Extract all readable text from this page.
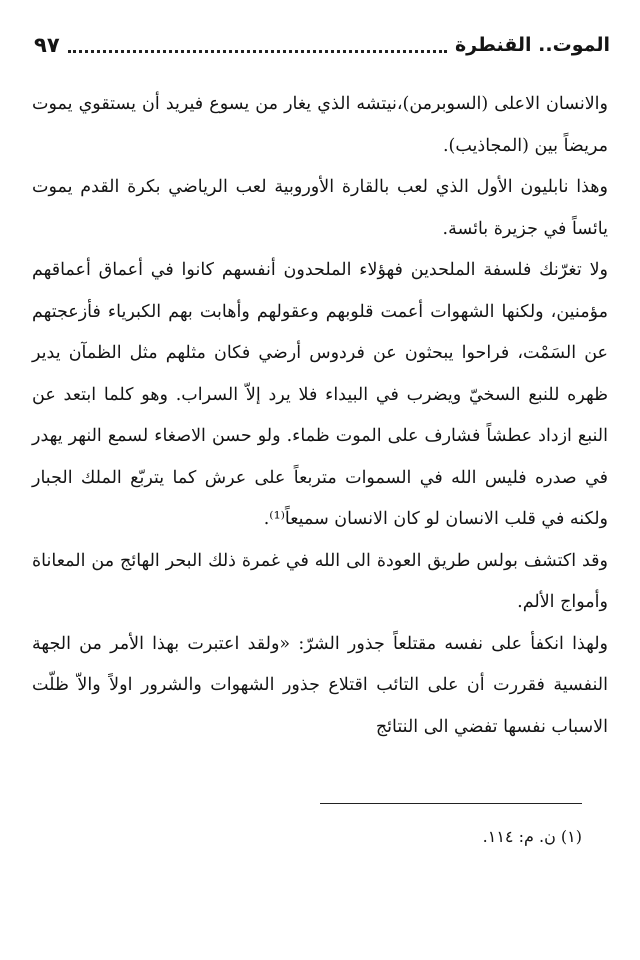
الموت.. القنطرة
٩٧

والانسان الاعلى (السوبرمن)،نيتشه الذي يغار من يسوع فيريد أن يستقوي يموت مريضاً بين (المجاذيب).

وهذا نابليون الأول الذي لعب بالقارة الأوروبية لعب الرياضي بكرة القدم يموت يائساً في جزيرة بائسة.

ولا تغرّنك فلسفة الملحدين فهؤلاء الملحدون أنفسهم كانوا في أعماق أعماقهم مؤمنين، ولكنها الشهوات أعمت قلوبهم وعقولهم وأهابت بهم الكبرياء فأزعجتهم عن السَمْت، فراحوا يبحثون عن فردوس أرضي فكان مثلهم مثل الظمآن يدير ظهره للنبع السخيّ ويضرب في البيداء فلا يرد إلاّ السراب. وهو كلما ابتعد عن النبع ازداد عطشاً فشارف على الموت ظماء. ولو حسن الاصغاء لسمع النهر يهدر في صدره فليس الله في السموات متربعاً على عرش كما يتربّع الملك الجبار ولكنه في قلب الانسان لو كان الانسان سميعاً⁽¹⁾.

وقد اكتشف بولس طريق العودة الى الله في غمرة ذلك البحر الهائج من المعاناة وأمواج الألم.

ولهذا انكفأ على نفسه مقتلعاً جذور الشرّ: «ولقد اعتبرت بهذا الأمر من الجهة النفسية فقررت أن على التائب اقتلاع جذور الشهوات والشرور اولاً والاّ ظلّت الاسباب نفسها تفضي الى النتائج

(١) ن. م: ١١٤.
